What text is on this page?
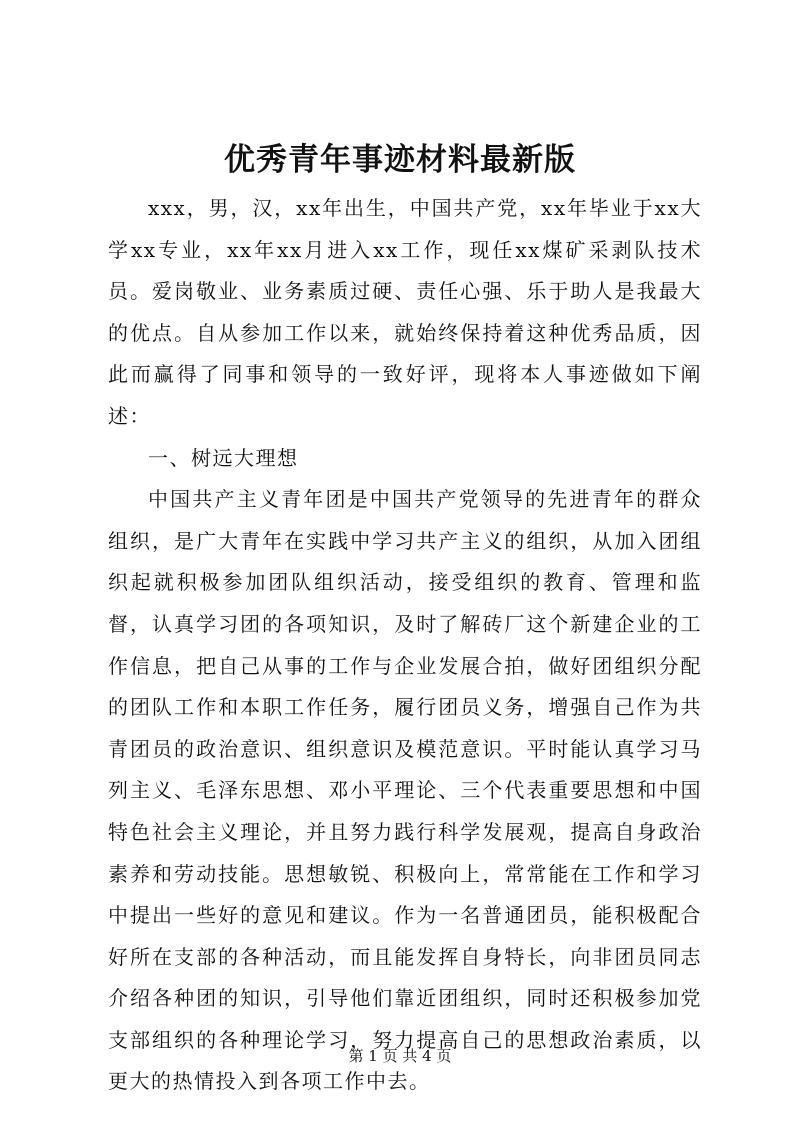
优秀青年事迹材料最新版

xxx，男，汉，xx年出生，中国共产党，xx年毕业于xx大学xx专业，xx年xx月进入xx工作，现任xx煤矿采剥队技术员。爱岗敬业、业务素质过硬、责任心强、乐于助人是我最大的优点。自从参加工作以来，就始终保持着这种优秀品质，因此而赢得了同事和领导的一致好评，现将本人事迹做如下阐述：

一、树远大理想

中国共产主义青年团是中国共产党领导的先进青年的群众组织，是广大青年在实践中学习共产主义的组织，从加入团组织起就积极参加团队组织活动，接受组织的教育、管理和监督，认真学习团的各项知识，及时了解砖厂这个新建企业的工作信息，把自己从事的工作与企业发展合拍，做好团组织分配的团队工作和本职工作任务，履行团员义务，增强自己作为共青团员的政治意识、组织意识及模范意识。平时能认真学习马列主义、毛泽东思想、邓小平理论、三个代表重要思想和中国特色社会主义理论，并且努力践行科学发展观，提高自身政治素养和劳动技能。思想敏锐、积极向上，常常能在工作和学习中提出一些好的意见和建议。作为一名普通团员，能积极配合好所在支部的各种活动，而且能发挥自身特长，向非团员同志介绍各种团的知识，引导他们靠近团组织，同时还积极参加党支部组织的各种理论学习，努力提高自己的思想政治素质，以更大的热情投入到各项工作中去。

第 1 页 共 4 页
